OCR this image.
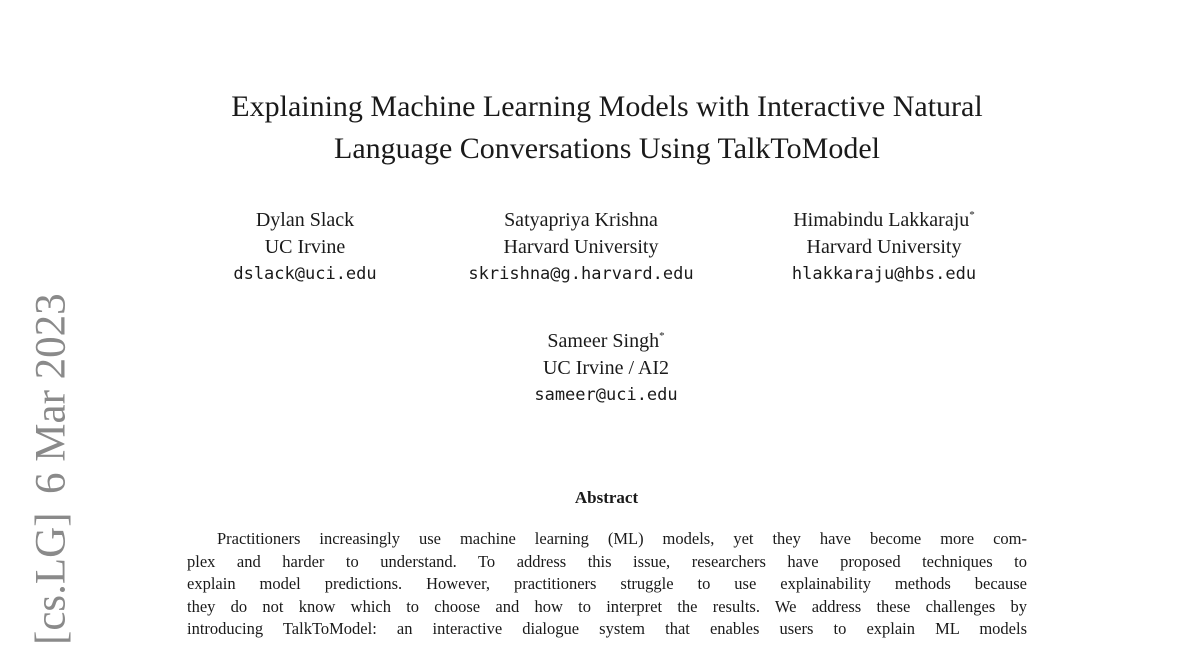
[cs.LG]
6 Mar 2023
Explaining Machine Learning Models with Interactive Natural
Language Conversations Using TalkToModel
Dylan Slack
UC Irvine
dslack@uci.edu
Satyapriya Krishna
Harvard University
skrishna@g.harvard.edu
Himabindu Lakkaraju*
Harvard University
hlakkaraju@hbs.edu
Sameer Singh*
UC Irvine / AI2
sameer@uci.edu
Abstract
Practitioners increasingly use machine learning (ML) models, yet they have become more com-
plex and harder to understand. To address this issue, researchers have proposed techniques to
explain model predictions. However, practitioners struggle to use explainability methods because
they do not know which to choose and how to interpret the results. We address these challenges by
introducing TalkToModel: an interactive dialogue system that enables users to explain ML models
